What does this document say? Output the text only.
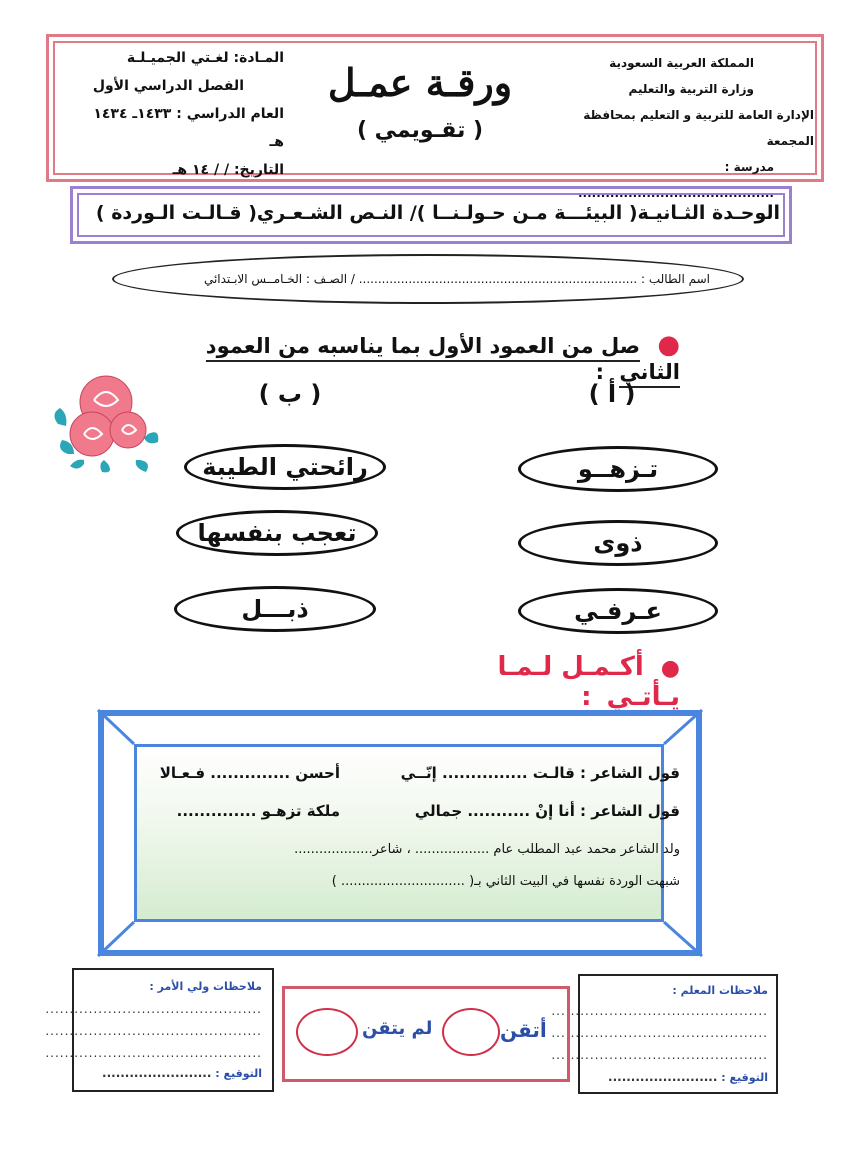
المملكة العربية السعودية
وزارة التربية والتعليم
الإدارة العامة للتربية و التعليم بمحافظة المجمعة
مدرسة : ...........................................
ورقـة عمـل
( تقـويمي )
المـادة: لغـتي الجميـلـة
الفصل الدراسي الأول
العام الدراسي : ١٤٣٣ـ ١٤٣٤ هـ
التاريخ: / / ١٤ هـ
الوحـدة الثـانيـة( البيئـــة مـن حـولـنــا )/ النـص الشـعـري( قـالـت الـوردة )
اسم الطالب : ......................................................................... / الصـف : الخـامــس الابـتدائي
● صل من العمود الأول بما يناسبه من العمود الثاني :
( أ )
( ب )
تـزهــو
ذوى
عـرفـي
رائحتي الطيبة
تعجب بنفسها
ذبـــل
● أكـمـل لـمـا يـأتـي :
قول الشاعر : قالـت ............... إنّــي
أحسن .............. فـعـالا
قول الشاعر : أنا إنْ ........... جمالي
ملكة تزهـو ..............
ولد الشاعر محمد عبد المطلب عام .................. ، شاعر...................
شبهت الوردة نفسها في البيت الثاني بـ( .............................. )
ملاحظات المعلم :
.............................................
.............................................
.............................................
التوقيع : ........................
أتقن
لم يتقن
ملاحظات ولي الأمر :
.............................................
.............................................
.............................................
التوقيع : ........................
